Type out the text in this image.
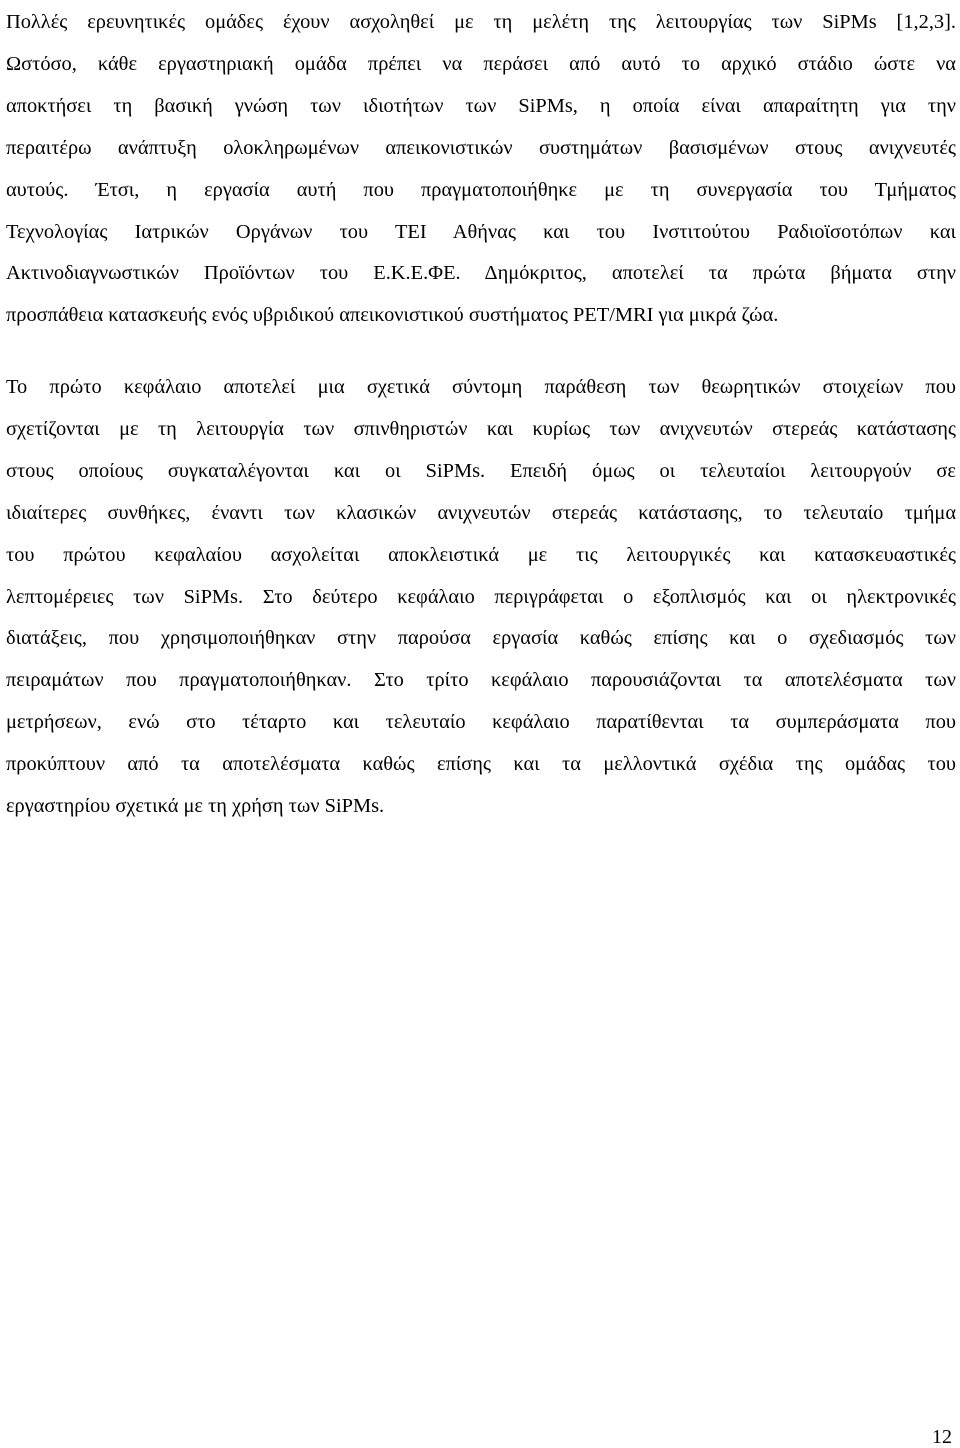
Πολλές ερευνητικές ομάδες έχουν ασχοληθεί με τη μελέτη της λειτουργίας των SiPMs [1,2,3].
Ωστόσο, κάθε εργαστηριακή ομάδα πρέπει να περάσει από αυτό το αρχικό στάδιο ώστε να
αποκτήσει τη βασική γνώση των ιδιοτήτων των SiPMs, η οποία είναι απαραίτητη για την
περαιτέρω ανάπτυξη ολοκληρωμένων απεικονιστικών συστημάτων βασισμένων στους ανιχνευτές
αυτούς. Έτσι, η εργασία αυτή που πραγματοποιήθηκε με τη συνεργασία του Τμήματος
Τεχνολογίας Ιατρικών Οργάνων του ΤΕΙ Αθήνας και του Ινστιτούτου Ραδιοϊσοτόπων και
Ακτινοδιαγνωστικών Προϊόντων του Ε.Κ.Ε.ΦΕ. Δημόκριτος, αποτελεί τα πρώτα βήματα στην
προσπάθεια κατασκευής ενός υβριδικού απεικονιστικού συστήματος PET/MRI για μικρά ζώα.

Το πρώτο κεφάλαιο αποτελεί μια σχετικά σύντομη παράθεση των θεωρητικών στοιχείων που
σχετίζονται με τη λειτουργία των σπινθηριστών και κυρίως των ανιχνευτών στερεάς κατάστασης
στους οποίους συγκαταλέγονται και οι SiPMs. Επειδή όμως οι τελευταίοι λειτουργούν σε
ιδιαίτερες συνθήκες, έναντι των κλασικών ανιχνευτών στερεάς κατάστασης, το τελευταίο τμήμα
του πρώτου κεφαλαίου ασχολείται αποκλειστικά με τις λειτουργικές και κατασκευαστικές
λεπτομέρειες των SiPMs. Στο δεύτερο κεφάλαιο περιγράφεται ο εξοπλισμός και οι ηλεκτρονικές
διατάξεις, που χρησιμοποιήθηκαν στην παρούσα εργασία καθώς επίσης και ο σχεδιασμός των
πειραμάτων που πραγματοποιήθηκαν. Στο τρίτο κεφάλαιο παρουσιάζονται τα αποτελέσματα των
μετρήσεων, ενώ στο τέταρτο και τελευταίο κεφάλαιο παρατίθενται τα συμπεράσματα που
προκύπτουν από τα αποτελέσματα καθώς επίσης και τα μελλοντικά σχέδια της ομάδας του
εργαστηρίου σχετικά με τη χρήση των SiPMs.

12
